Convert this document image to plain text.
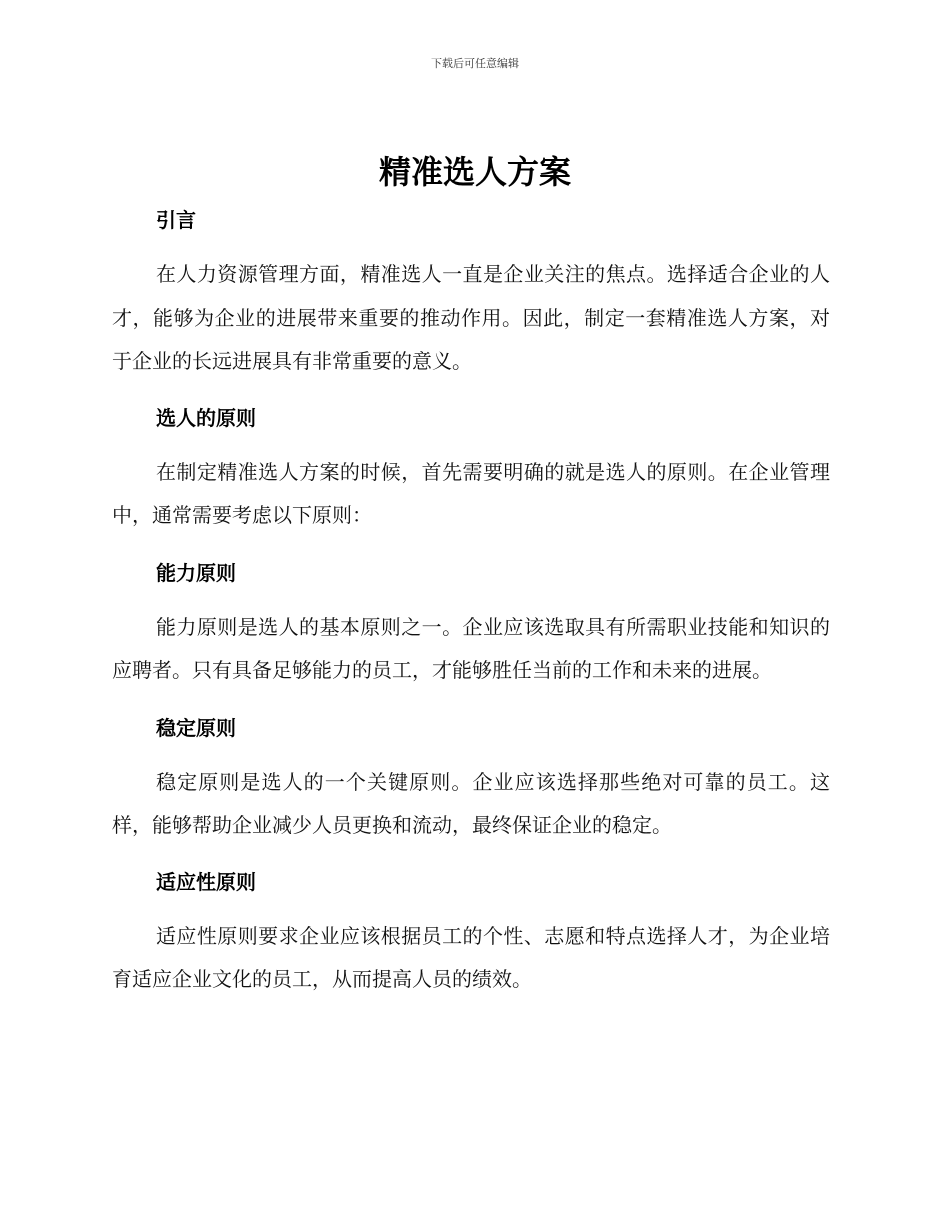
下载后可任意编辑
精准选人方案
引言

在人力资源管理方面，精准选人一直是企业关注的焦点。选择适合企业的人才，能够为企业的进展带来重要的推动作用。因此，制定一套精准选人方案，对于企业的长远进展具有非常重要的意义。

选人的原则

在制定精准选人方案的时候，首先需要明确的就是选人的原则。在企业管理中，通常需要考虑以下原则：

能力原则

能力原则是选人的基本原则之一。企业应该选取具有所需职业技能和知识的应聘者。只有具备足够能力的员工，才能够胜任当前的工作和未来的进展。

稳定原则

稳定原则是选人的一个关键原则。企业应该选择那些绝对可靠的员工。这样，能够帮助企业减少人员更换和流动，最终保证企业的稳定。

适应性原则

适应性原则要求企业应该根据员工的个性、志愿和特点选择人才，为企业培育适应企业文化的员工，从而提高人员的绩效。
